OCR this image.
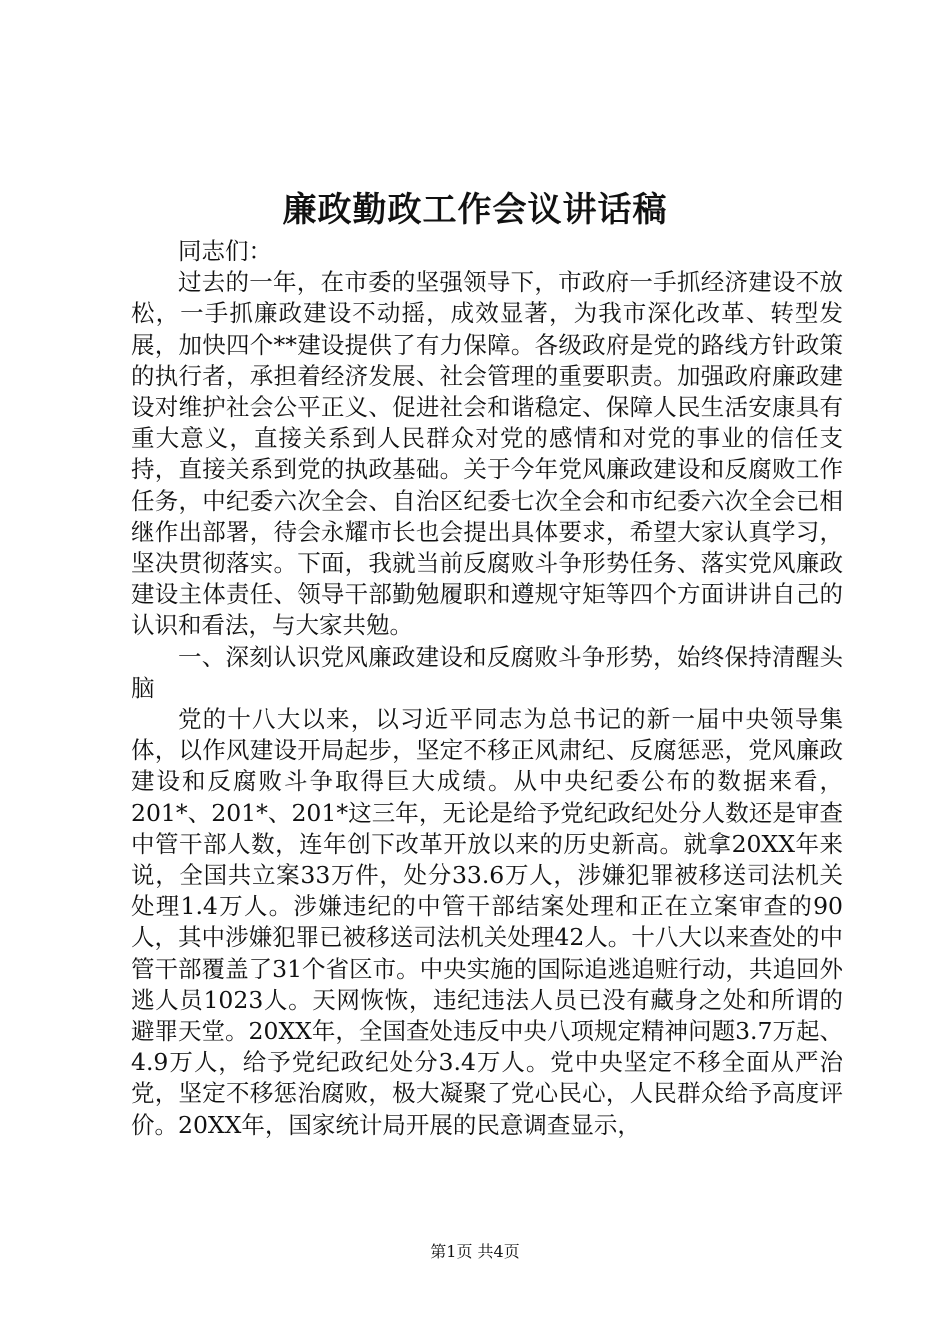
廉政勤政工作会议讲话稿

同志们：

过去的一年，在市委的坚强领导下，市政府一手抓经济建设不放松，一手抓廉政建设不动摇，成效显著，为我市深化改革、转型发展，加快四个**建设提供了有力保障。各级政府是党的路线方针政策的执行者，承担着经济发展、社会管理的重要职责。加强政府廉政建设对维护社会公平正义、促进社会和谐稳定、保障人民生活安康具有重大意义，直接关系到人民群众对党的感情和对党的事业的信任支持，直接关系到党的执政基础。关于今年党风廉政建设和反腐败工作任务，中纪委六次全会、自治区纪委七次全会和市纪委六次全会已相继作出部署，待会永耀市长也会提出具体要求，希望大家认真学习，坚决贯彻落实。下面，我就当前反腐败斗争形势任务、落实党风廉政建设主体责任、领导干部勤勉履职和遵规守矩等四个方面讲讲自己的认识和看法，与大家共勉。

一、深刻认识党风廉政建设和反腐败斗争形势，始终保持清醒头脑

党的十八大以来，以习近平同志为总书记的新一届中央领导集体，以作风建设开局起步，坚定不移正风肃纪、反腐惩恶，党风廉政建设和反腐败斗争取得巨大成绩。从中央纪委公布的数据来看，201*、201*、201*这三年，无论是给予党纪政纪处分人数还是审查中管干部人数，连年创下改革开放以来的历史新高。就拿20XX年来说，全国共立案33万件，处分33.6万人，涉嫌犯罪被移送司法机关处理1.4万人。涉嫌违纪的中管干部结案处理和正在立案审查的90人，其中涉嫌犯罪已被移送司法机关处理42人。十八大以来查处的中管干部覆盖了31个省区市。中央实施的国际追逃追赃行动，共追回外逃人员1023人。天网恢恢，违纪违法人员已没有藏身之处和所谓的避罪天堂。20XX年，全国查处违反中央八项规定精神问题3.7万起、4.9万人，给予党纪政纪处分3.4万人。党中央坚定不移全面从严治党，坚定不移惩治腐败，极大凝聚了党心民心，人民群众给予高度评价。20XX年，国家统计局开展的民意调查显示，

第1页 共4页
